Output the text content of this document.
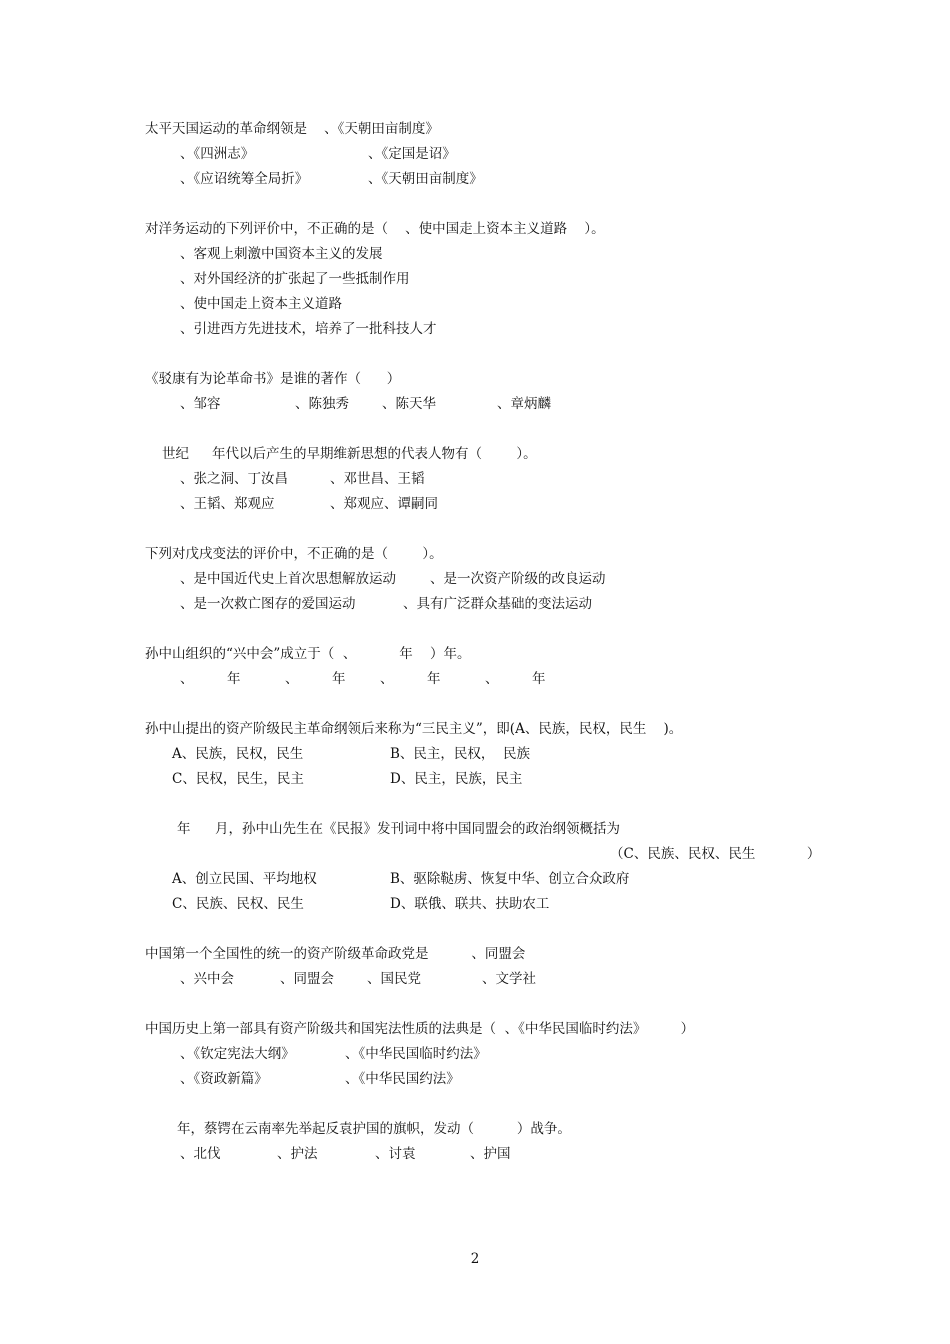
太平天国运动的革命纲领是    、《天朝田亩制度》
、《四洲志》	、《定国是诏》
、《应诏统筹全局折》	、《天朝田亩制度》
对洋务运动的下列评价中，不正确的是（    、使中国走上资本主义道路    ）。
、客观上刺激中国资本主义的发展
、对外国经济的扩张起了一些抵制作用
、使中国走上资本主义道路
、引进西方先进技术，培养了一批科技人才
《驳康有为论革命书》是谁的著作（      ）
、邹容	、陈独秀 、陈天华	、章炳麟
世纪 年代以后产生的早期维新思想的代表人物有（        ）。
、张之洞、丁汝昌	、邓世昌、王韬
、王韬、郑观应	、郑观应、谭嗣同
下列对戊戌变法的评价中，不正确的是（        ）。
、是中国近代史上首次思想解放运动	、是一次资产阶级的改良运动
、是一次救亡图存的爱国运动	、具有广泛群众基础的变法运动
孙中山组织的“兴中会”成立于（  、          年    ）年。
、 年	、 年	、 年	、 年
孙中山提出的资产阶级民主革命纲领后来称为“三民主义”，即(A、民族，民权，民生    )。
A、民族，民权，民生	B、民主，民权，  民族
C、民权，民生，民主	D、民主，民族，民主
年 月，孙中山先生在《民报》发刊词中将中国同盟会的政治纲领概括为
（C、民族、民权、民生            ）
A、创立民国、平均地权	B、驱除鞑虏、恢复中华、创立合众政府
C、民族、民权、民生	D、联俄、联共、扶助农工
中国第一个全国性的统一的资产阶级革命政党是          、同盟会
、兴中会	、同盟会 、国民党	、文学社
中国历史上第一部具有资产阶级共和国宪法性质的法典是（  、《中华民国临时约法》        ）
、《钦定宪法大纲》	、《中华民国临时约法》
、《资政新篇》	、《中华民国约法》
年，蔡锷在云南率先举起反袁护国的旗帜，发动（          ）战争。
、北伐	、护法	、讨袁	、护国
2
